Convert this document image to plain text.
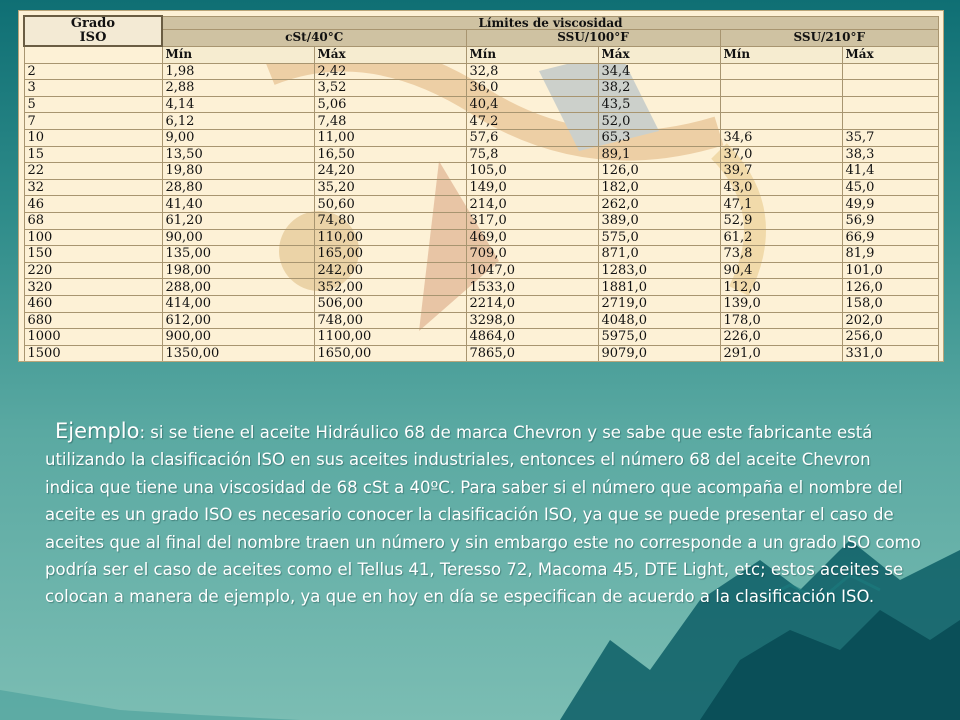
Grado
ISO	Límites de viscosidad					
	cSt/40°C		SSU/100°F		SSU/210°F	
	Mín	Máx	Mín	Máx	Mín	Máx
2	1,98	2,42	32,8	34,4		
3	2,88	3,52	36,0	38,2		
5	4,14	5,06	40,4	43,5		
7	6,12	7,48	47,2	52,0		
10	9,00	11,00	57,6	65,3	34,6	35,7
15	13,50	16,50	75,8	89,1	37,0	38,3
22	19,80	24,20	105,0	126,0	39,7	41,4
32	28,80	35,20	149,0	182,0	43,0	45,0
46	41,40	50,60	214,0	262,0	47,1	49,9
68	61,20	74,80	317,0	389,0	52,9	56,9
100	90,00	110,00	469,0	575,0	61,2	66,9
150	135,00	165,00	709,0	871,0	73,8	81,9
220	198,00	242,00	1047,0	1283,0	90,4	101,0
320	288,00	352,00	1533,0	1881,0	112,0	126,0
460	414,00	506,00	2214,0	2719,0	139,0	158,0
680	612,00	748,00	3298,0	4048,0	178,0	202,0
1000	900,00	1100,00	4864,0	5975,0	226,0	256,0
1500	1350,00	1650,00	7865,0	9079,0	291,0	331,0
Ejemplo: si se tiene el aceite Hidráulico 68 de marca Chevron y se sabe que este fabricante está utilizando la clasificación ISO en sus aceites industriales, entonces el número 68 del aceite Chevron indica que tiene una viscosidad de 68 cSt a 40ºC. Para saber si el número que acompaña el nombre del aceite es un grado ISO es necesario conocer la clasificación ISO, ya que se puede presentar el caso de aceites que al final del nombre traen un número y sin embargo este no corresponde a un grado ISO como podría ser el caso de aceites como el Tellus 41, Teresso 72, Macoma 45, DTE Light, etc; estos aceites se colocan a manera de ejemplo, ya que en hoy en día se especifican de acuerdo a la clasificación ISO.
